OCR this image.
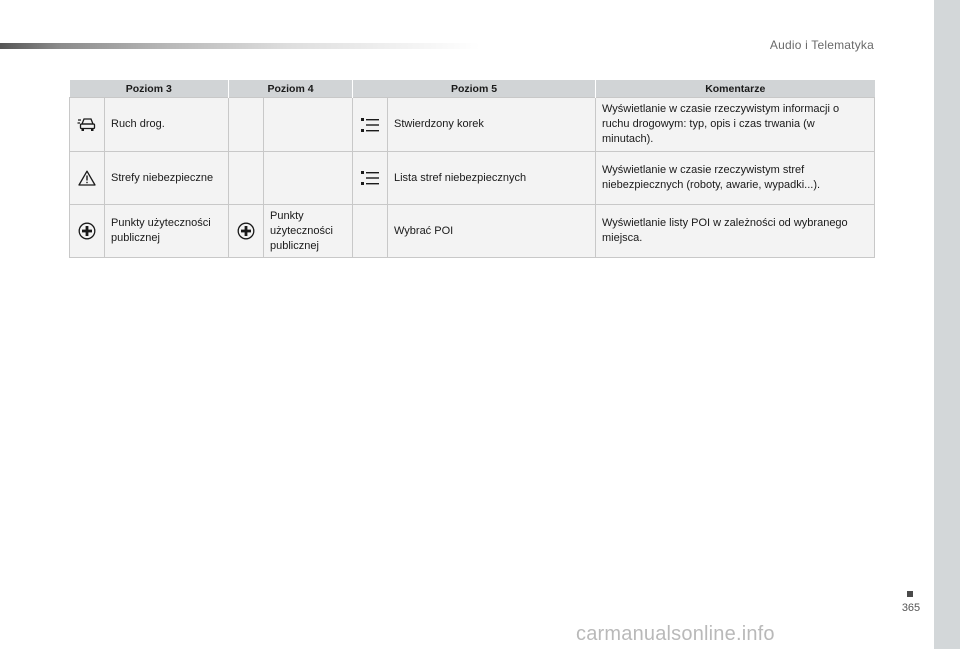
Audio i Telematyka
Poziom 3		Poziom 4		Poziom 5		Komentarze
	Ruch drog.				Stwierdzony korek	Wyświetlanie w czasie rzeczywistym informacji o ruchu drogowym: typ, opis i czas trwania (w minutach).
	Strefy niebezpieczne				Lista stref niebezpiecznych	Wyświetlanie w czasie rzeczywistym stref niebezpiecznych (roboty, awarie, wypadki...).
	Punkty użyteczności publicznej		Punkty użyteczności publicznej		Wybrać POI	Wyświetlanie listy POI w zależności od wybranego miejsca.
365
carmanualsonline.info
